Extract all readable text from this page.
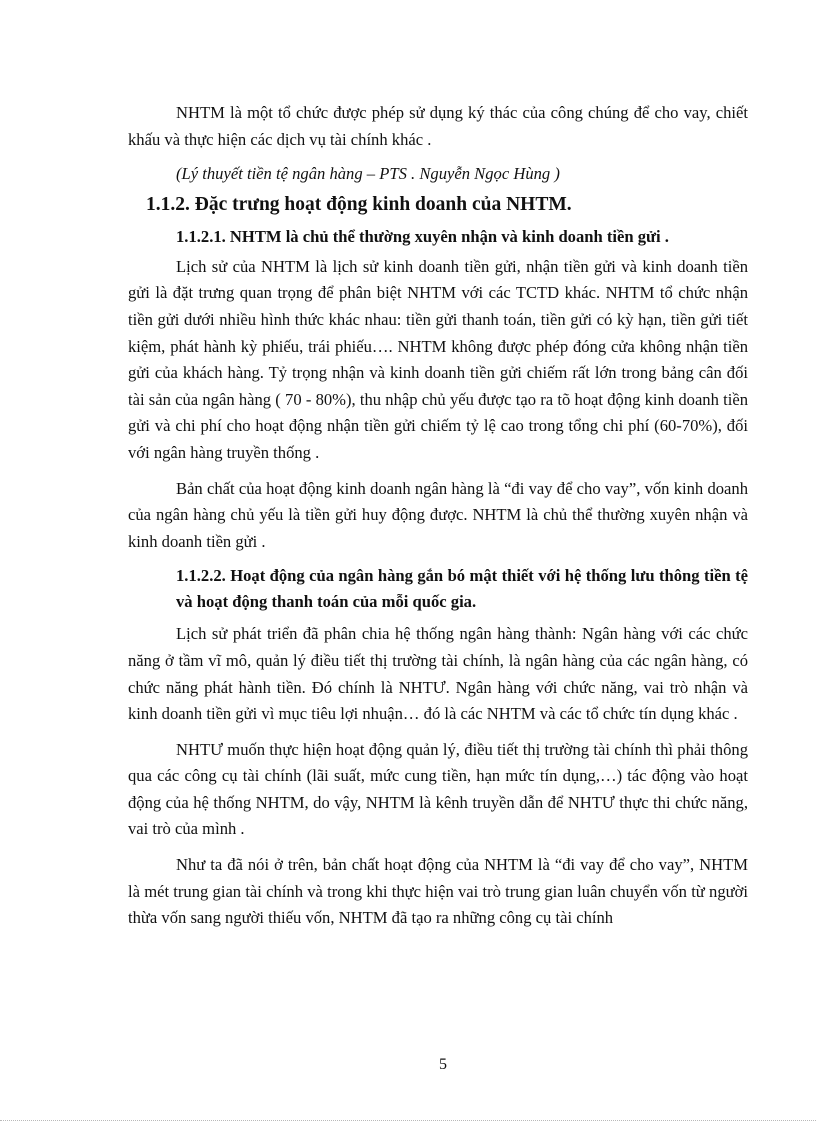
NHTM là một tổ chức được phép sử dụng ký thác của công chúng để cho vay, chiết khấu và thực hiện các dịch vụ tài chính khác .

(Lý thuyết tiền tệ ngân hàng – PTS . Nguyễn Ngọc Hùng )

1.1.2. Đặc trưng hoạt động kinh doanh của NHTM.
1.1.2.1. NHTM là chủ thể thường xuyên nhận và kinh doanh tiền gửi .

Lịch sử của NHTM là lịch sử kinh doanh tiền gửi, nhận tiền gửi và kinh doanh tiền gửi là đặt trưng quan trọng để phân biệt NHTM với các TCTD khác. NHTM tổ chức nhận tiền gửi dưới nhiều hình thức khác nhau: tiền gửi thanh toán, tiền gửi có kỳ hạn, tiền gửi tiết kiệm, phát hành kỳ phiếu, trái phiếu…. NHTM không được phép đóng cửa không nhận tiền gửi của khách hàng. Tỷ trọng nhận và kinh doanh tiền gửi chiếm rất lớn trong bảng cân đối tài sản của ngân hàng ( 70 - 80%), thu nhập chủ yếu được tạo ra tõ hoạt động kinh doanh tiền gửi và chi phí cho hoạt động nhận tiền gửi chiếm tỷ lệ cao trong tổng chi phí (60-70%), đối với ngân hàng truyền thống .

Bản chất của hoạt động kinh doanh ngân hàng là “đi vay để cho vay”, vốn kinh doanh của ngân hàng chủ yếu là tiền gửi huy động được. NHTM là chủ thể thường xuyên nhận và kinh doanh tiền gửi .

1.1.2.2. Hoạt động của ngân hàng gắn bó mật thiết với hệ thống lưu thông tiền tệ và hoạt động thanh toán của mỗi quốc gia.

Lịch sử phát triển đã phân chia hệ thống ngân hàng thành: Ngân hàng với các chức năng ở tầm vĩ mô, quản lý điều tiết thị trường tài chính, là ngân hàng của các ngân hàng, có chức năng phát hành tiền. Đó chính là NHTƯ. Ngân hàng với chức năng, vai trò nhận và kinh doanh tiền gửi vì mục tiêu lợi nhuận… đó là các NHTM và các tổ chức tín dụng khác .

NHTƯ muốn thực hiện hoạt động quản lý, điều tiết thị trường tài chính thì phải thông qua các công cụ tài chính (lãi suất, mức cung tiền, hạn mức tín dụng,…) tác động vào hoạt động của hệ thống NHTM, do vậy, NHTM là kênh truyền dẫn để NHTƯ thực thi chức năng, vai trò của mình .

Như ta đã nói ở trên, bản chất hoạt động của NHTM là “đi vay để cho vay”, NHTM là mét trung gian tài chính và trong khi thực hiện vai trò trung gian luân chuyển vốn từ người thừa vốn sang người thiếu vốn, NHTM đã tạo ra những công cụ tài chính

5
